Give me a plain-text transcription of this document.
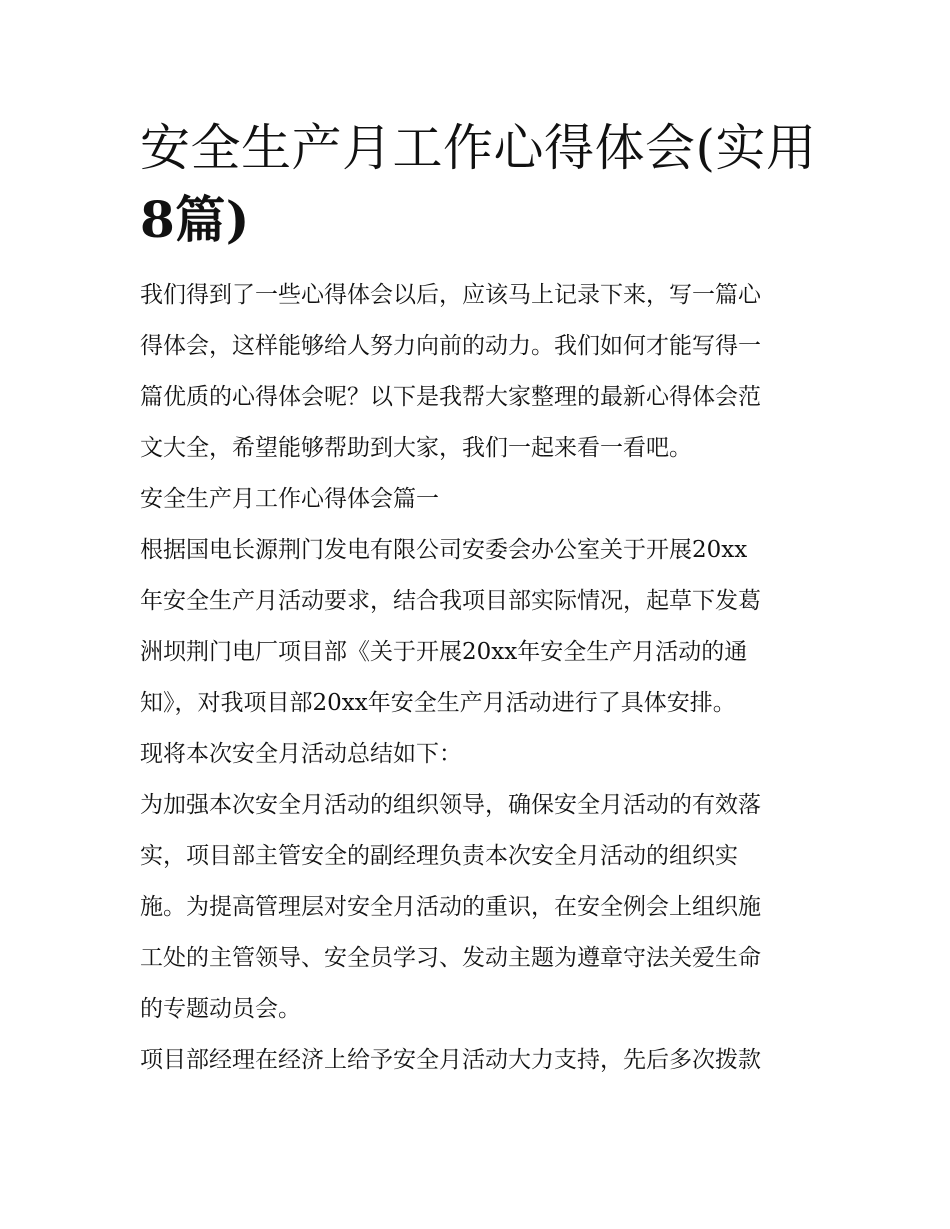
安全生产月工作心得体会(实用
8篇)

我们得到了一些心得体会以后，应该马上记录下来，写一篇心
得体会，这样能够给人努力向前的动力。我们如何才能写得一
篇优质的心得体会呢？以下是我帮大家整理的最新心得体会范
文大全，希望能够帮助到大家，我们一起来看一看吧。

安全生产月工作心得体会篇一

根据国电长源荆门发电有限公司安委会办公室关于开展20xx
年安全生产月活动要求，结合我项目部实际情况，起草下发葛
洲坝荆门电厂项目部《关于开展20xx年安全生产月活动的通
知》，对我项目部20xx年安全生产月活动进行了具体安排。

现将本次安全月活动总结如下：

为加强本次安全月活动的组织领导，确保安全月活动的有效落
实，项目部主管安全的副经理负责本次安全月活动的组织实
施。为提高管理层对安全月活动的重识，在安全例会上组织施
工处的主管领导、安全员学习、发动主题为遵章守法关爱生命
的专题动员会。

项目部经理在经济上给予安全月活动大力支持，先后多次拨款
